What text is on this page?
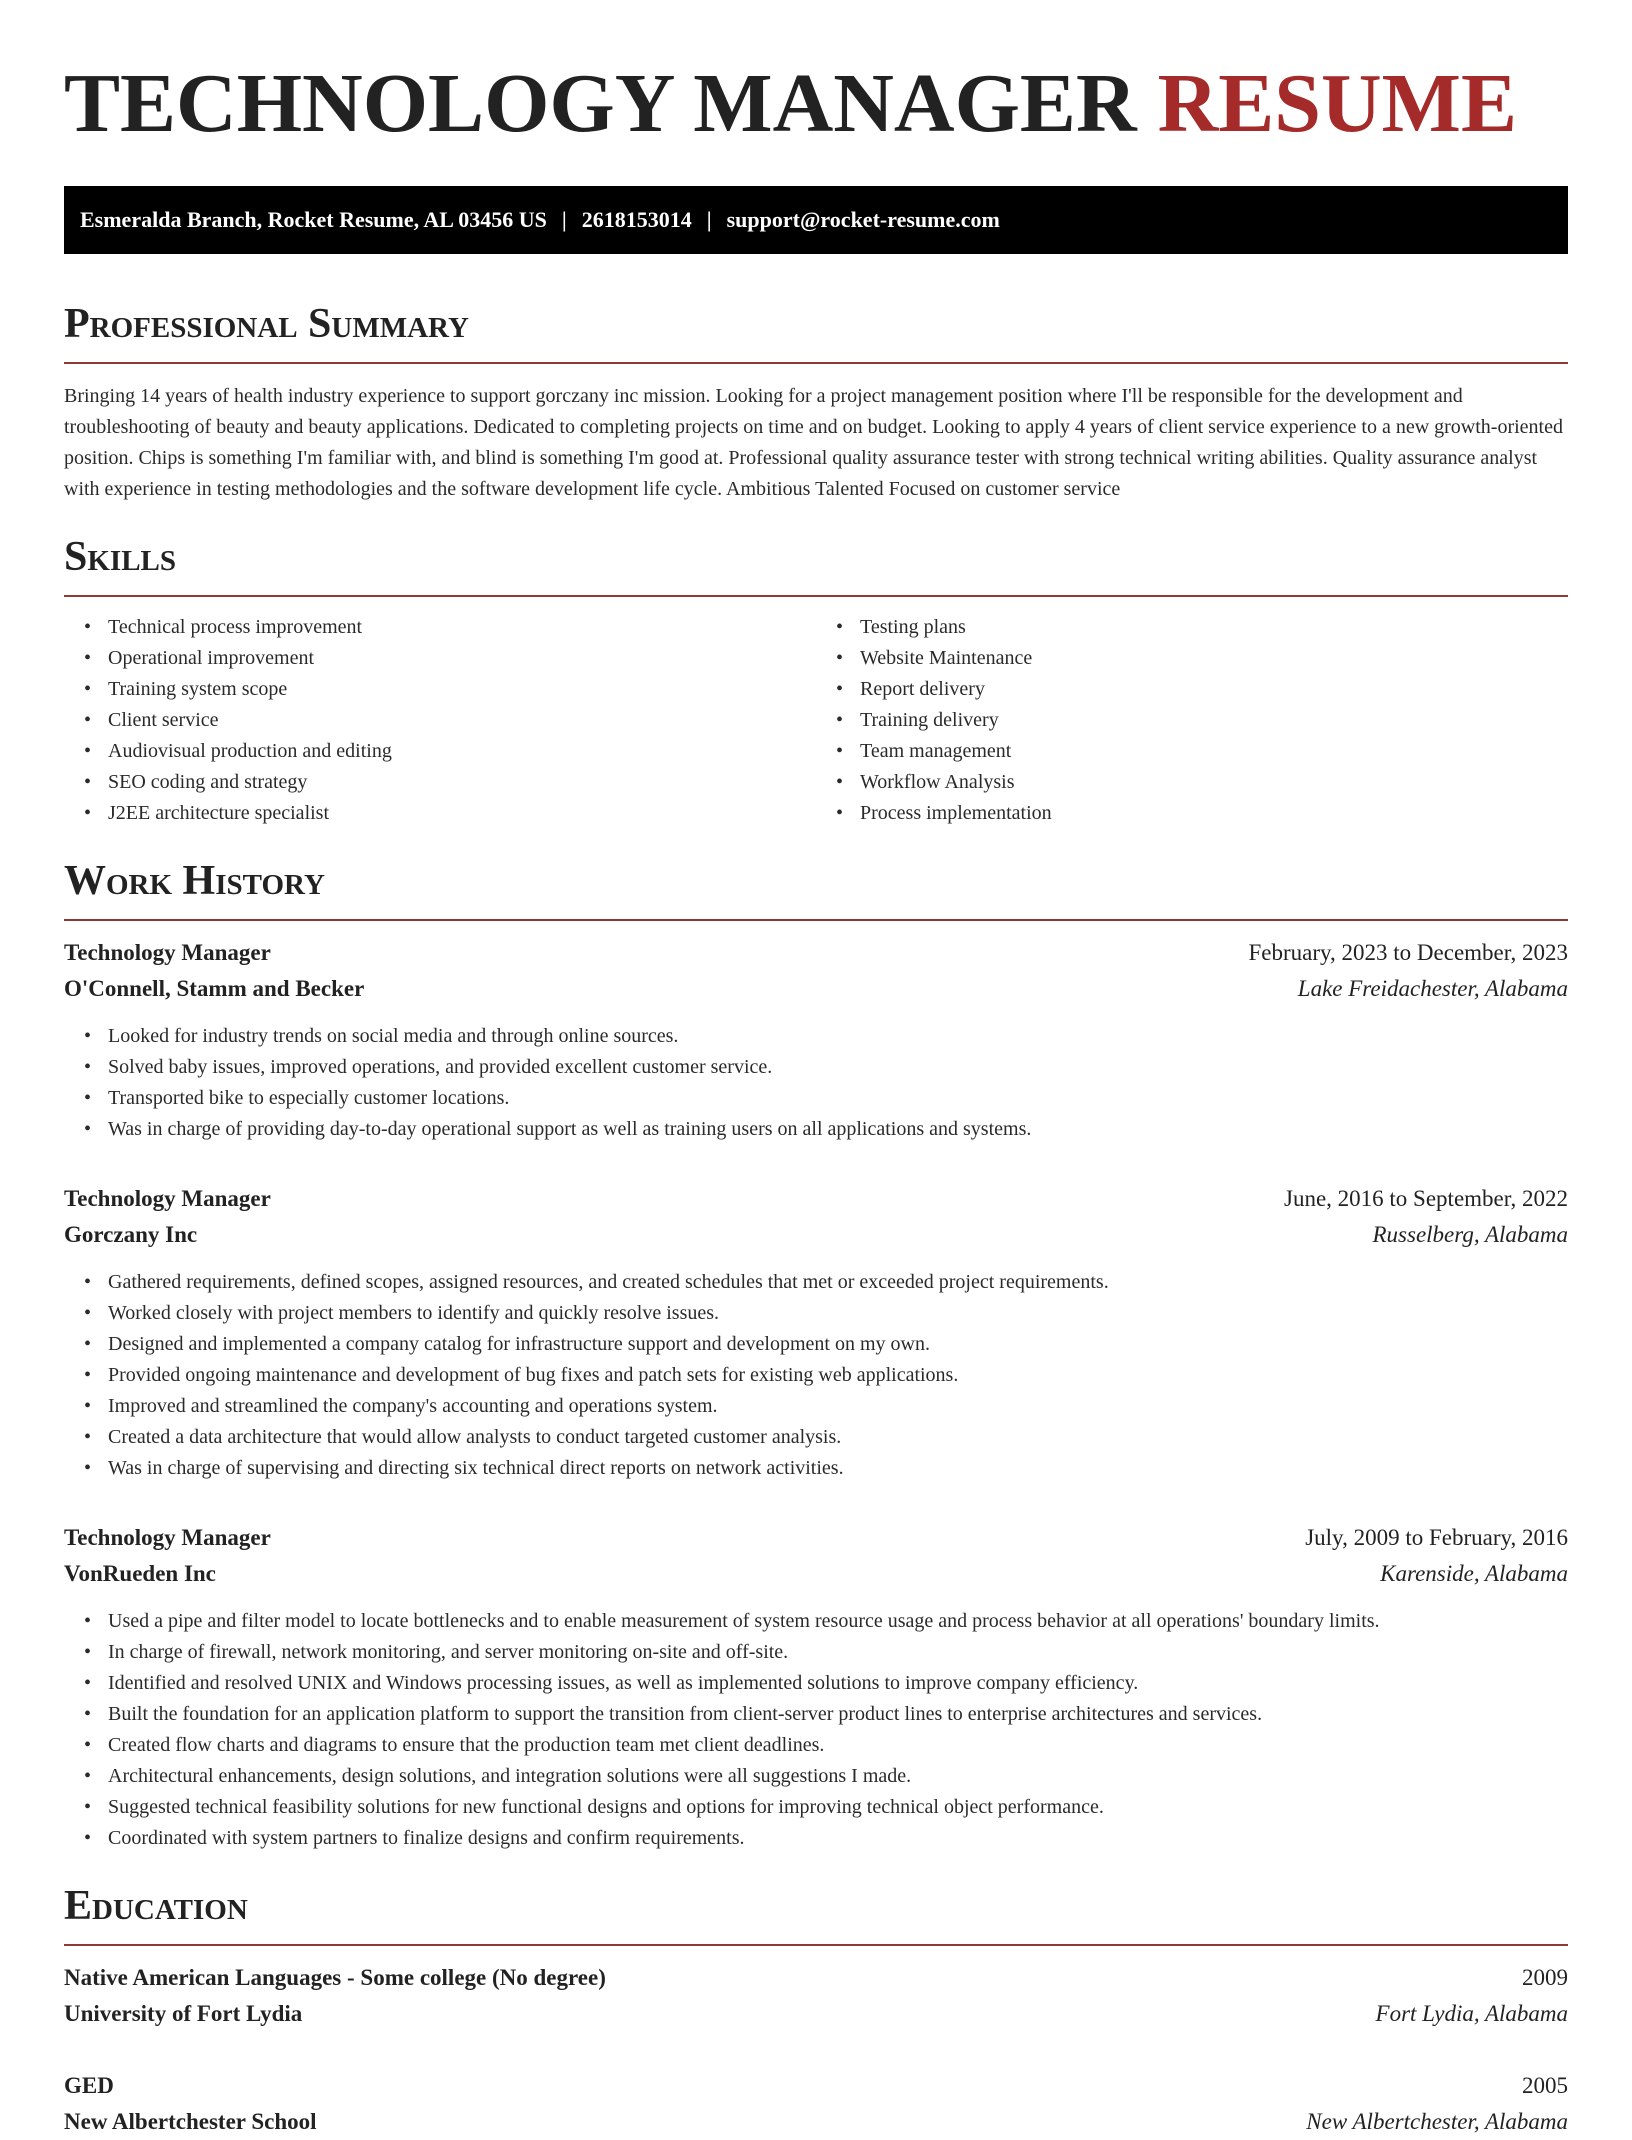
TECHNOLOGY MANAGER RESUME
Esmeralda Branch, Rocket Resume, AL 03456 US | 2618153014 | support@rocket-resume.com
Professional Summary

Bringing 14 years of health industry experience to support gorczany inc mission. Looking for a project management position where I'll be responsible for the development and troubleshooting of beauty and beauty applications. Dedicated to completing projects on time and on budget. Looking to apply 4 years of client service experience to a new growth-oriented position. Chips is something I'm familiar with, and blind is something I'm good at. Professional quality assurance tester with strong technical writing abilities. Quality assurance analyst with experience in testing methodologies and the software development life cycle. Ambitious Talented Focused on customer service

Skills
• Technical process improvement
• Operational improvement
• Training system scope
• Client service
• Audiovisual production and editing
• SEO coding and strategy
• J2EE architecture specialist
• Testing plans
• Website Maintenance
• Report delivery
• Training delivery
• Team management
• Workflow Analysis
• Process implementation
Work History
Technology Manager	February, 2023 to December, 2023
O'Connell, Stamm and Becker	Lake Freidachester, Alabama
• Looked for industry trends on social media and through online sources.
• Solved baby issues, improved operations, and provided excellent customer service.
• Transported bike to especially customer locations.
• Was in charge of providing day-to-day operational support as well as training users on all applications and systems.
Technology Manager	June, 2016 to September, 2022
Gorczany Inc	Russelberg, Alabama
• Gathered requirements, defined scopes, assigned resources, and created schedules that met or exceeded project requirements.
• Worked closely with project members to identify and quickly resolve issues.
• Designed and implemented a company catalog for infrastructure support and development on my own.
• Provided ongoing maintenance and development of bug fixes and patch sets for existing web applications.
• Improved and streamlined the company's accounting and operations system.
• Created a data architecture that would allow analysts to conduct targeted customer analysis.
• Was in charge of supervising and directing six technical direct reports on network activities.
Technology Manager	July, 2009 to February, 2016
VonRueden Inc	Karenside, Alabama
• Used a pipe and filter model to locate bottlenecks and to enable measurement of system resource usage and process behavior at all operations' boundary limits.
• In charge of firewall, network monitoring, and server monitoring on-site and off-site.
• Identified and resolved UNIX and Windows processing issues, as well as implemented solutions to improve company efficiency.
• Built the foundation for an application platform to support the transition from client-server product lines to enterprise architectures and services.
• Created flow charts and diagrams to ensure that the production team met client deadlines.
• Architectural enhancements, design solutions, and integration solutions were all suggestions I made.
• Suggested technical feasibility solutions for new functional designs and options for improving technical object performance.
• Coordinated with system partners to finalize designs and confirm requirements.
Education
Native American Languages - Some college (No degree)	2009
University of Fort Lydia	Fort Lydia, Alabama
GED	2005
New Albertchester School	New Albertchester, Alabama
